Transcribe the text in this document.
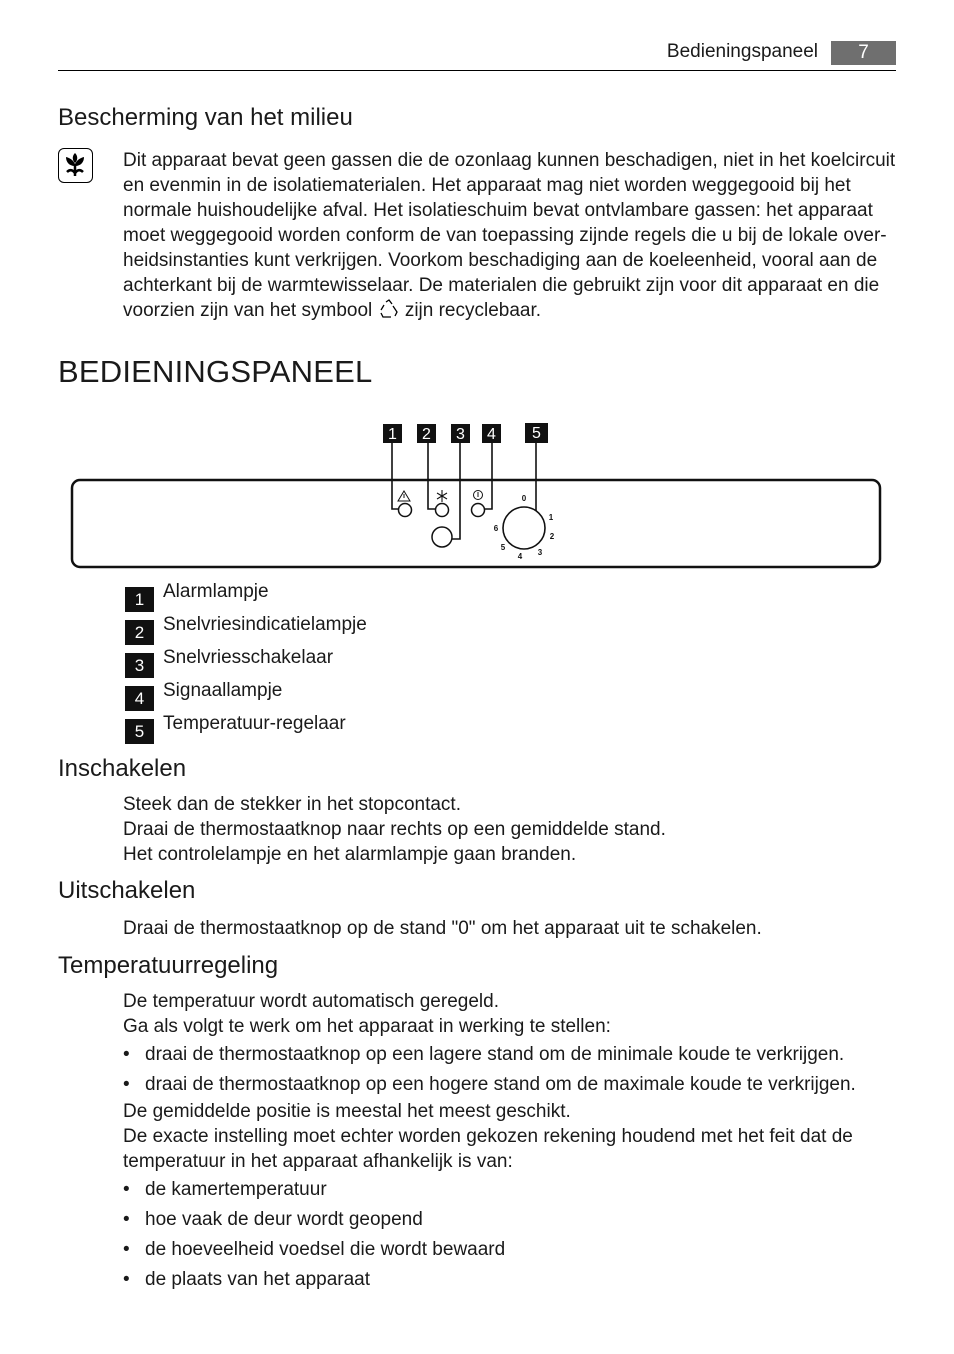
Bedieningspaneel	7
Bescherming van het milieu
Dit apparaat bevat geen gassen die de ozonlaag kunnen beschadigen, niet in het koelcircuit
en evenmin in de isolatiematerialen. Het apparaat mag niet worden weggegooid bij het
normale huishoudelijke afval. Het isolatieschuim bevat ontvlambare gassen: het apparaat
moet weggegooid worden conform de van toepassing zijnde regels die u bij de lokale over-
heidsinstanties kunt verkrijgen. Voorkom beschadiging aan de koeleenheid, vooral aan de
achterkant bij de warmtewisselaar. De materialen die gebruikt zijn voor dit apparaat en die
voorzien zijn van het symbool zijn recyclebaar.
BEDIENINGSPANEEL
1 2 3 4 5
0
1
2
3
4
5
6
1 Alarmlampje
2 Snelvriesindicatielampje
3 Snelvriesschakelaar
4 Signaallampje
5 Temperatuur-regelaar
Inschakelen
Steek dan de stekker in het stopcontact.
Draai de thermostaatknop naar rechts op een gemiddelde stand.
Het controlelampje en het alarmlampje gaan branden.
Uitschakelen
Draai de thermostaatknop op de stand "0" om het apparaat uit te schakelen.
Temperatuurregeling
De temperatuur wordt automatisch geregeld.
Ga als volgt te werk om het apparaat in werking te stellen:
• draai de thermostaatknop op een lagere stand om de minimale koude te verkrijgen.
• draai de thermostaatknop op een hogere stand om de maximale koude te verkrijgen.
De gemiddelde positie is meestal het meest geschikt.
De exacte instelling moet echter worden gekozen rekening houdend met het feit dat de
temperatuur in het apparaat afhankelijk is van:
• de kamertemperatuur
• hoe vaak de deur wordt geopend
• de hoeveelheid voedsel die wordt bewaard
• de plaats van het apparaat
